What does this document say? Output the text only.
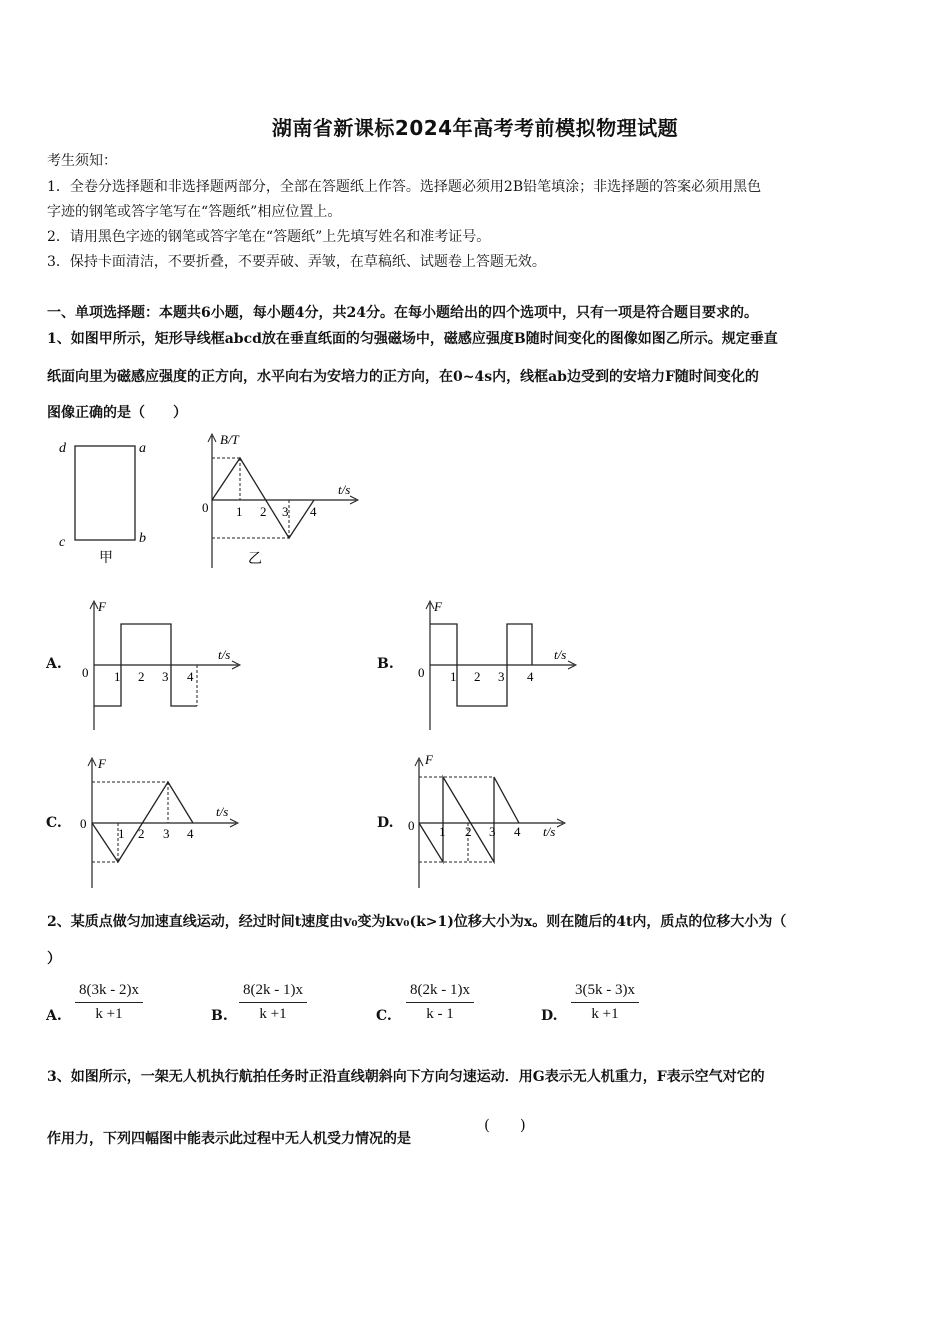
湖南省新课标2024年高考考前模拟物理试题
考生须知：
1．全卷分选择题和非选择题两部分，全部在答题纸上作答。选择题必须用2B铅笔填涂；非选择题的答案必须用黑色
字迹的钢笔或答字笔写在“答题纸”相应位置上。
2．请用黑色字迹的钢笔或答字笔在“答题纸”上先填写姓名和准考证号。
3．保持卡面清洁，不要折叠，不要弄破、弄皱，在草稿纸、试题卷上答题无效。
一、单项选择题：本题共6小题，每小题4分，共24分。在每小题给出的四个选项中，只有一项是符合题目要求的。
1、如图甲所示，矩形导线框abcd放在垂直纸面的匀强磁场中，磁感应强度B随时间变化的图像如图乙所示。规定垂直
纸面向里为磁感应强度的正方向，水平向右为安培力的正方向，在0~4s内，线框ab边受到的安培力F随时间变化的
图像正确的是（　　）
d	a
c	b
甲
B/T
t/s
0 1 2 3 4
乙
A.
F
t/s
0 1 2 3 4
B.
F
t/s
0 1 2 3 4
C.
F
t/s
0
1 2 3 4
D.
F
t/s
0 1 2 3 4
2、某质点做匀加速直线运动，经过时间t速度由v₀变为kv₀(k>1)位移大小为x。则在随后的4t内，质点的位移大小为（
）
A. $\frac{8(3k - 2)x}{k +1}$	B. $\frac{8(2k - 1)x}{k +1}$	C. $\frac{8(2k - 1)x}{k - 1}$	D. $\frac{3(5k - 3)x}{k +1}$
3、如图所示，一架无人机执行航拍任务时正沿直线朝斜向下方向匀速运动．用G表示无人机重力，F表示空气对它的
作用力，下列四幅图中能表示此过程中无人机受力情况的是
(　　)
